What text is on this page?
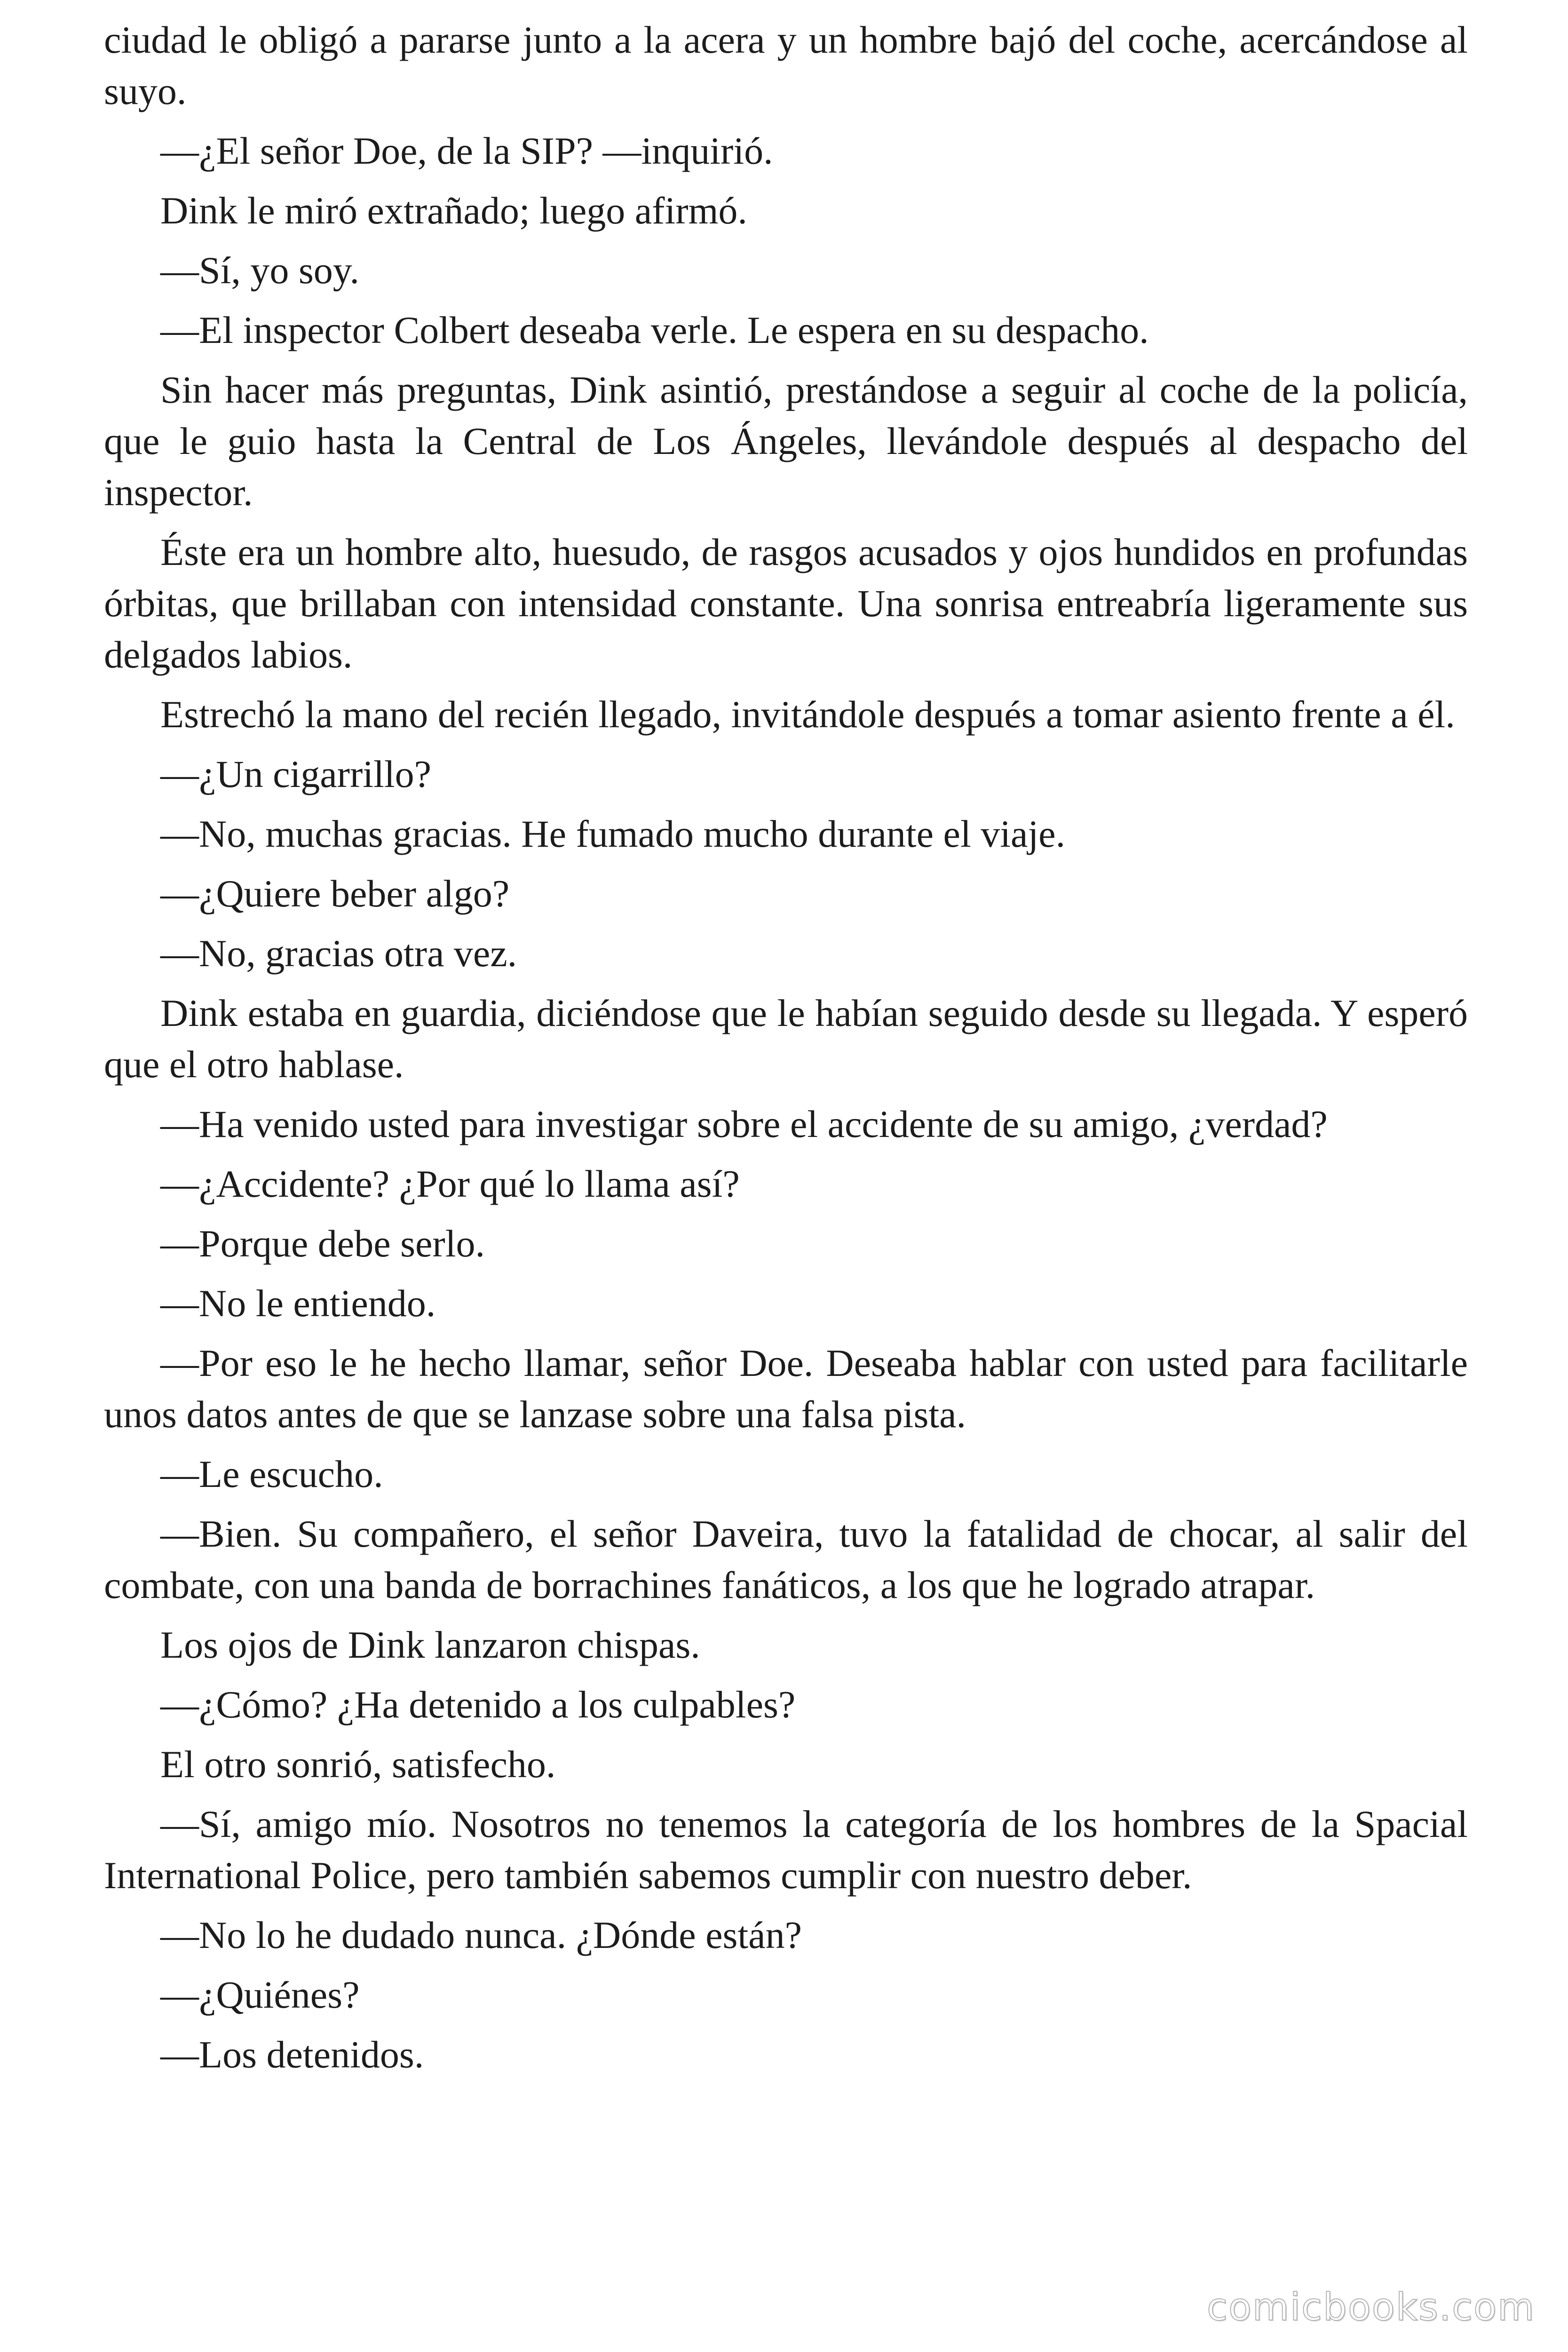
ciudad le obligó a pararse junto a la acera y un hombre bajó del coche, acercándose al suyo.

—¿El señor Doe, de la SIP? —inquirió.

Dink le miró extrañado; luego afirmó.

—Sí, yo soy.

—El inspector Colbert deseaba verle. Le espera en su despacho.

Sin hacer más preguntas, Dink asintió, prestándose a seguir al coche de la policía, que le guio hasta la Central de Los Ángeles, llevándole después al despacho del inspector.

Éste era un hombre alto, huesudo, de rasgos acusados y ojos hundidos en profundas órbitas, que brillaban con intensidad constante. Una sonrisa entreabría ligeramente sus delgados labios.

Estrechó la mano del recién llegado, invitándole después a tomar asiento frente a él.

—¿Un cigarrillo?

—No, muchas gracias. He fumado mucho durante el viaje.

—¿Quiere beber algo?

—No, gracias otra vez.

Dink estaba en guardia, diciéndose que le habían seguido desde su llegada. Y esperó que el otro hablase.

—Ha venido usted para investigar sobre el accidente de su amigo, ¿verdad?

—¿Accidente? ¿Por qué lo llama así?

—Porque debe serlo.

—No le entiendo.

—Por eso le he hecho llamar, señor Doe. Deseaba hablar con usted para facilitarle unos datos antes de que se lanzase sobre una falsa pista.

—Le escucho.

—Bien. Su compañero, el señor Daveira, tuvo la fatalidad de chocar, al salir del combate, con una banda de borrachines fanáticos, a los que he logrado atrapar.

Los ojos de Dink lanzaron chispas.

—¿Cómo? ¿Ha detenido a los culpables?

El otro sonrió, satisfecho.

—Sí, amigo mío. Nosotros no tenemos la categoría de los hombres de la Spacial International Police, pero también sabemos cumplir con nuestro deber.

—No lo he dudado nunca. ¿Dónde están?

—¿Quiénes?

—Los detenidos.

comicbooks.com
